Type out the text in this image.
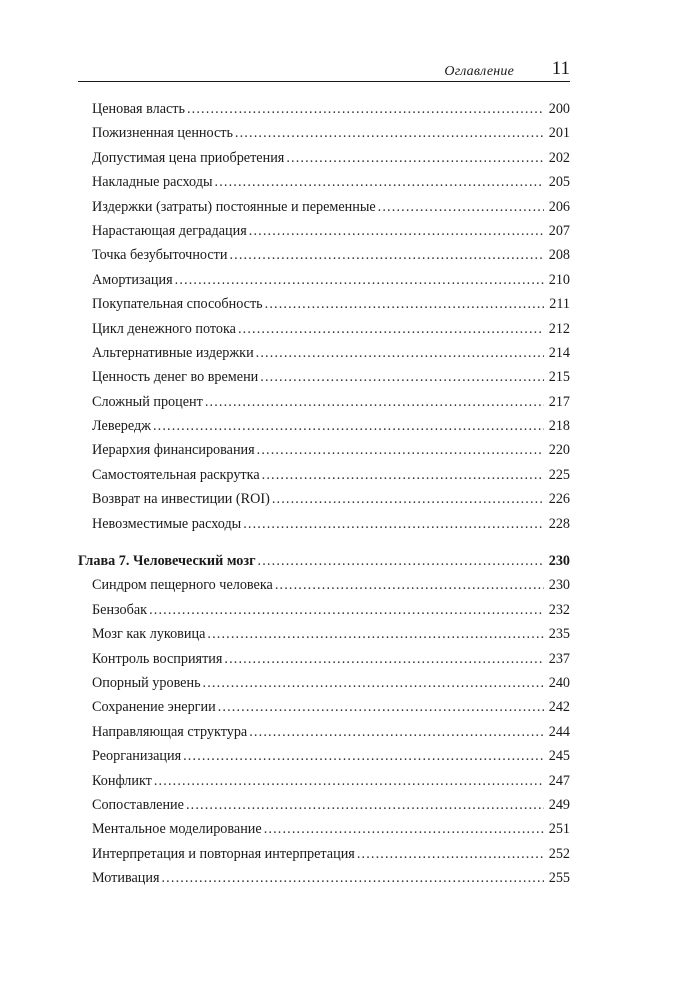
Оглавление 11
Ценовая власть . . .	200
Пожизненная ценность . . .	201
Допустимая цена приобретения . . .	202
Накладные расходы . . .	205
Издержки (затраты) постоянные и переменные . . .	206
Нарастающая деградация . . .	207
Точка безубыточности . . .	208
Амортизация . . .	210
Покупательная способность . . .	211
Цикл денежного потока . . .	212
Альтернативные издержки . . .	214
Ценность денег во времени . . .	215
Сложный процент . . .	217
Левередж . . .	218
Иерархия финансирования . . .	220
Самостоятельная раскрутка . . .	225
Возврат на инвестиции (ROI) . . .	226
Невозместимые расходы . . .	228
Глава 7. Человеческий мозг . . .	230
Синдром пещерного человека . . .	230
Бензобак . . .	232
Мозг как луковица . . .	235
Контроль восприятия . . .	237
Опорный уровень . . .	240
Сохранение энергии . . .	242
Направляющая структура . . .	244
Реорганизация . . .	245
Конфликт . . .	247
Сопоставление . . .	249
Ментальное моделирование . . .	251
Интерпретация и повторная интерпретация . . .	252
Мотивация . . .	255
